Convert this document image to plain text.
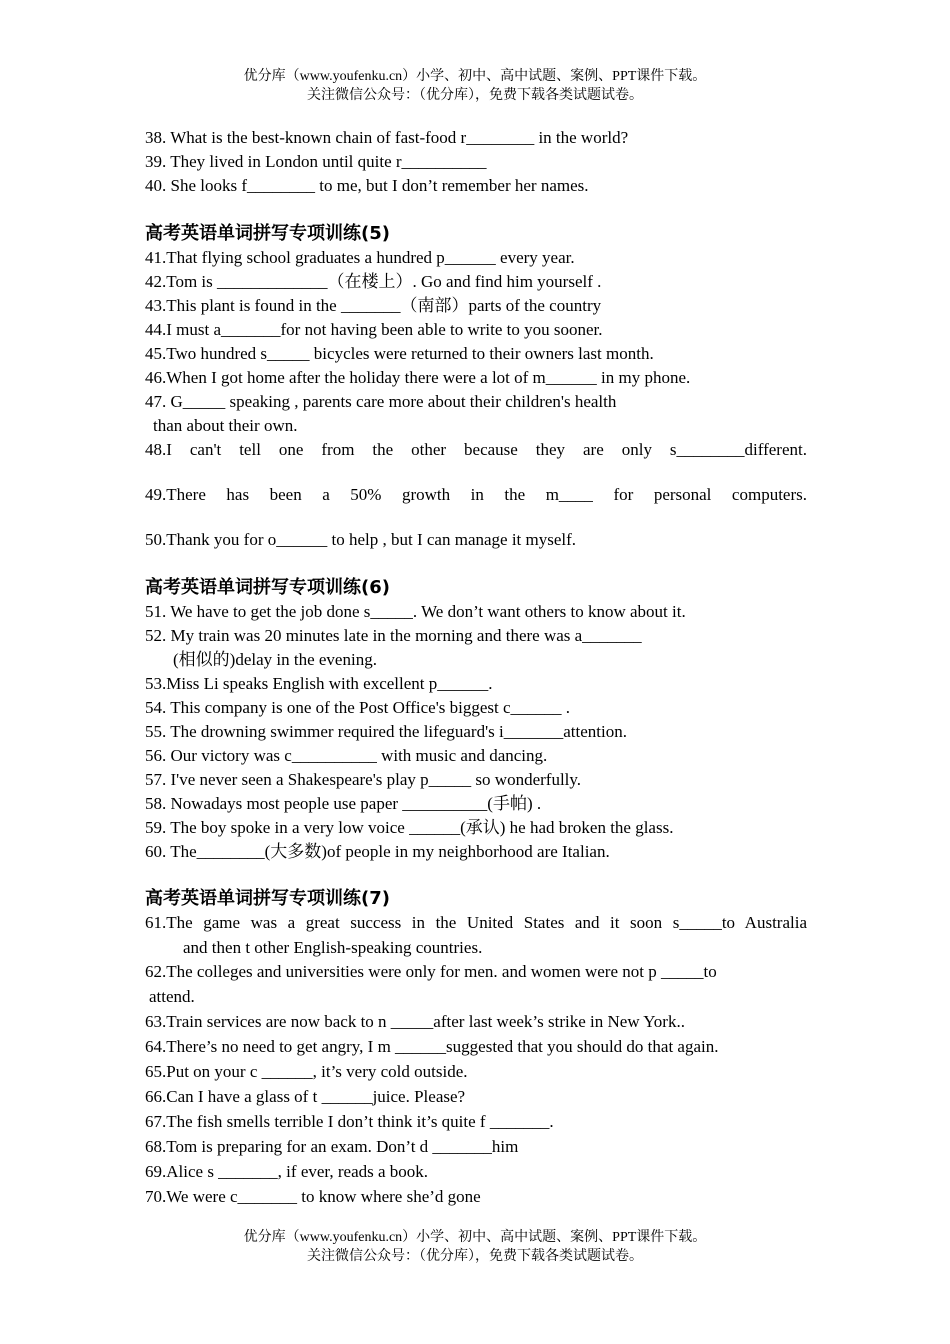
优分库（www.youfenku.cn）小学、初中、高中试题、案例、PPT课件下载。
关注微信公众号：（优分库），免费下载各类试题试卷。
38. What is the best-known chain of fast-food r________ in the world?
39. They lived in London until quite r__________
40. She looks f________ to me, but I don’t remember her names.
高考英语单词拼写专项训练(5)
41.That flying school graduates a hundred p______ every year.
42.Tom is _____________（在楼上）. Go and find him yourself .
43.This plant is found in the _______（南部）parts of the country
44.I must a_______for not having been able to write to you sooner.
45.Two hundred s_____ bicycles were returned to their owners last month.
46.When I got home after the holiday there were a lot of m______ in my phone.
47. G_____ speaking , parents care more about their children's health
than about their own.
48.I can't tell one from the other because they are only s________different.
49.There has been a 50% growth in the m____ for personal computers.
50.Thank you for o______ to help , but I can manage it myself.
高考英语单词拼写专项训练(6)
51. We have to get the job done s_____. We don’t want others to know about it.
52. My train was 20 minutes late in the morning and there was a_______
(相似的)delay in the evening.
53.Miss Li speaks English with excellent p______.
54. This company is one of the Post Office's biggest c______ .
55. The drowning swimmer required the lifeguard's i_______attention.
56. Our victory was c__________ with music and dancing.
57. I've never seen a Shakespeare's play p_____ so wonderfully.
58. Nowadays most people use paper __________(手帕) .
59. The boy spoke in a very low voice ______(承认) he had broken the glass.
60. The________(大多数)of people in my neighborhood are Italian.
高考英语单词拼写专项训练(7)
61.The game was a great success in the United States and it soon s_____to Australia
and then t other English-speaking countries.
62.The colleges and universities were only for men. and women were not p _____to
attend.
63.Train services are now back to n _____after last week’s strike in New York..
64.There’s no need to get angry, I m ______suggested that you should do that again.
65.Put on your c ______, it’s very cold outside.
66.Can I have a glass of t ______juice. Please?
67.The fish smells terrible I don’t think it’s quite f _______.
68.Tom is preparing for an exam. Don’t d _______him
69.Alice s _______, if ever, reads a book.
70.We were c_______ to know where she’d gone
优分库（www.youfenku.cn）小学、初中、高中试题、案例、PPT课件下载。
关注微信公众号：（优分库），免费下载各类试题试卷。
